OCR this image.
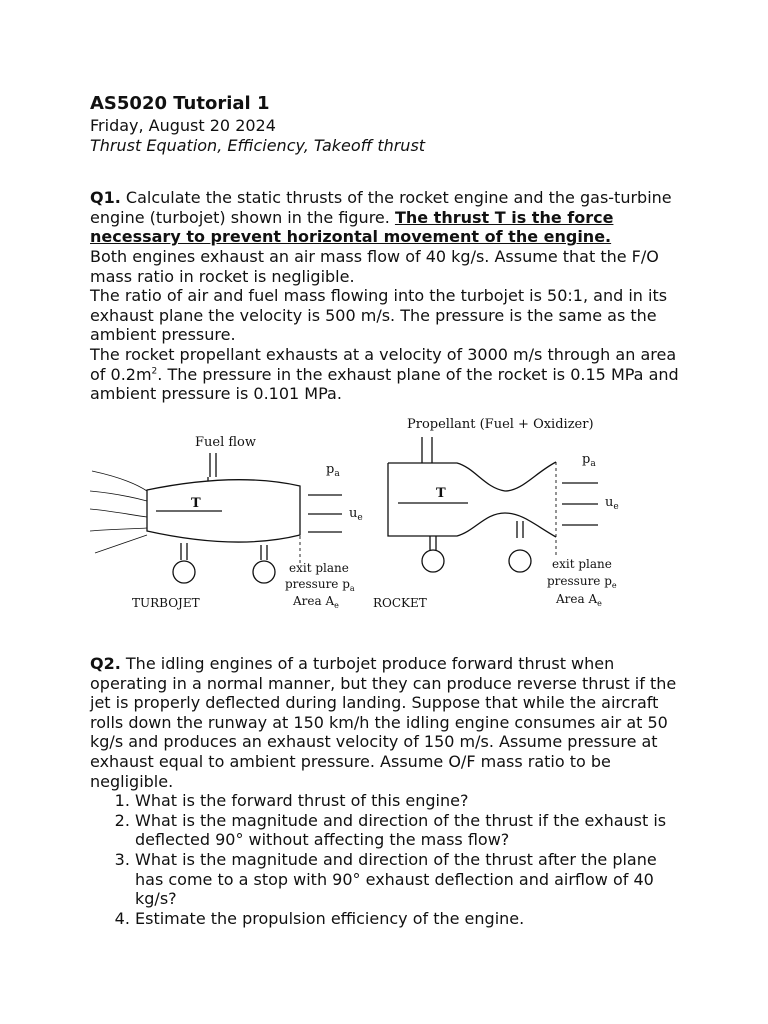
AS5020 Tutorial 1

Friday, August 20 2024

Thrust Equation, Efficiency, Takeoff thrust

Q1. Calculate the static thrusts of the rocket engine and the gas-turbine engine (turbojet) shown in the figure. The thrust T is the force necessary to prevent horizontal movement of the engine.

Both engines exhaust an air mass flow of 40 kg/s. Assume that the F/O mass ratio in rocket is negligible.

The ratio of air and fuel mass flowing into the turbojet is 50:1, and in its exhaust plane the velocity is 500 m/s. The pressure is the same as the ambient pressure.

The rocket propellant exhausts at a velocity of 3000 m/s through an area of $0.2m^2$. The pressure in the exhaust plane of the rocket is 0.15 MPa and ambient pressure is 0.101 MPa.

Fuel flow
Propellant (Fuel + Oxidizer)
T
T
$p_a$
$u_e$
$p_a$
$u_e$
exit plane
pressure $p_a$
Area $A_e$
exit plane
pressure $p_e$
Area $A_e$
TURBOJET	ROCKET

Q2. The idling engines of a turbojet produce forward thrust when operating in a normal manner, but they can produce reverse thrust if the jet is properly deflected during landing. Suppose that while the aircraft rolls down the runway at 150 km/h the idling engine consumes air at 50 kg/s and produces an exhaust velocity of 150 m/s. Assume pressure at exhaust equal to ambient pressure. Assume O/F mass ratio to be negligible.

1. What is the forward thrust of this engine?
2. What is the magnitude and direction of the thrust if the exhaust is deflected 90° without affecting the mass flow?
3. What is the magnitude and direction of the thrust after the plane has come to a stop with 90° exhaust deflection and airflow of 40 kg/s?
4. Estimate the propulsion efficiency of the engine.
